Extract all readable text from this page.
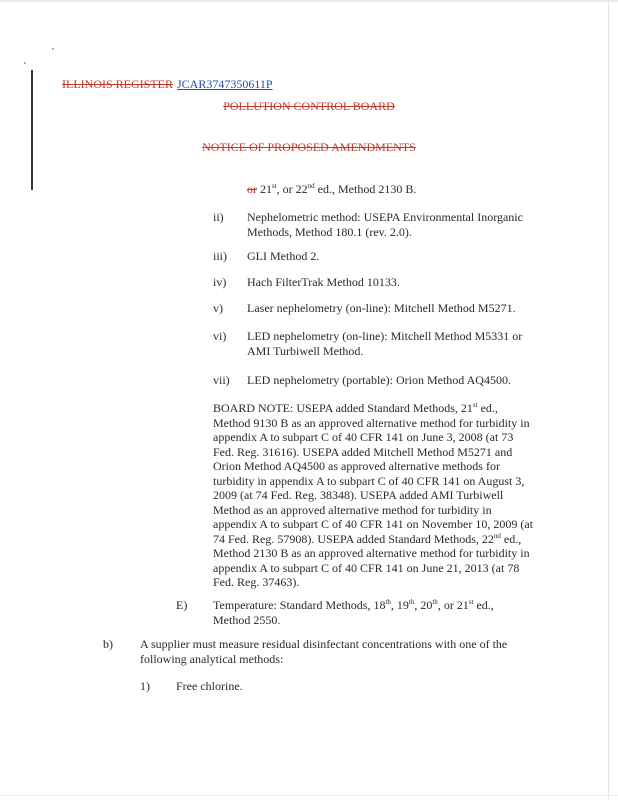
ILLINOIS REGISTER JCAR3747350611P
POLLUTION CONTROL BOARD
NOTICE OF PROPOSED AMENDMENTS
or 21st, or 22nd ed., Method 2130 B.
ii) Nephelometric method: USEPA Environmental Inorganic Methods, Method 180.1 (rev. 2.0).
iii) GLI Method 2.
iv) Hach FilterTrak Method 10133.
v) Laser nephelometry (on-line): Mitchell Method M5271.
vi) LED nephelometry (on-line): Mitchell Method M5331 or AMI Turbiwell Method.
vii) LED nephelometry (portable): Orion Method AQ4500.
BOARD NOTE: USEPA added Standard Methods, 21st ed., Method 9130 B as an approved alternative method for turbidity in appendix A to subpart C of 40 CFR 141 on June 3, 2008 (at 73 Fed. Reg. 31616). USEPA added Mitchell Method M5271 and Orion Method AQ4500 as approved alternative methods for turbidity in appendix A to subpart C of 40 CFR 141 on August 3, 2009 (at 74 Fed. Reg. 38348). USEPA added AMI Turbiwell Method as an approved alternative method for turbidity in appendix A to subpart C of 40 CFR 141 on November 10, 2009 (at 74 Fed. Reg. 57908). USEPA added Standard Methods, 22nd ed., Method 2130 B as an approved alternative method for turbidity in appendix A to subpart C of 40 CFR 141 on June 21, 2013 (at 78 Fed. Reg. 37463).
E) Temperature: Standard Methods, 18th, 19th, 20th, or 21st ed., Method 2550.
b) A supplier must measure residual disinfectant concentrations with one of the following analytical methods:
1) Free chlorine.
